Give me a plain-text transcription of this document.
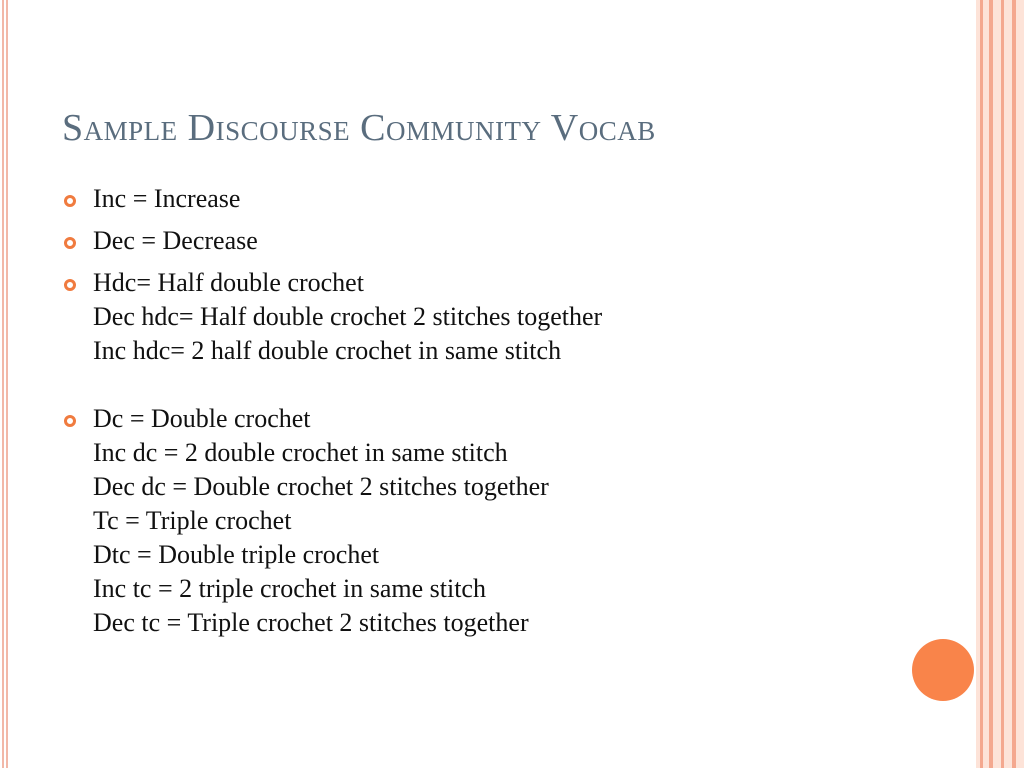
Sample Discourse Community Vocab
Inc = Increase
Dec = Decrease
Hdc= Half double crochet
Dec hdc= Half double crochet 2 stitches together
Inc hdc= 2 half double crochet in same stitch
Dc = Double crochet
Inc dc = 2 double crochet in same stitch
Dec dc = Double crochet 2 stitches together
Tc = Triple crochet
Dtc = Double triple crochet
Inc tc = 2 triple crochet in same stitch
Dec tc = Triple crochet 2 stitches together
